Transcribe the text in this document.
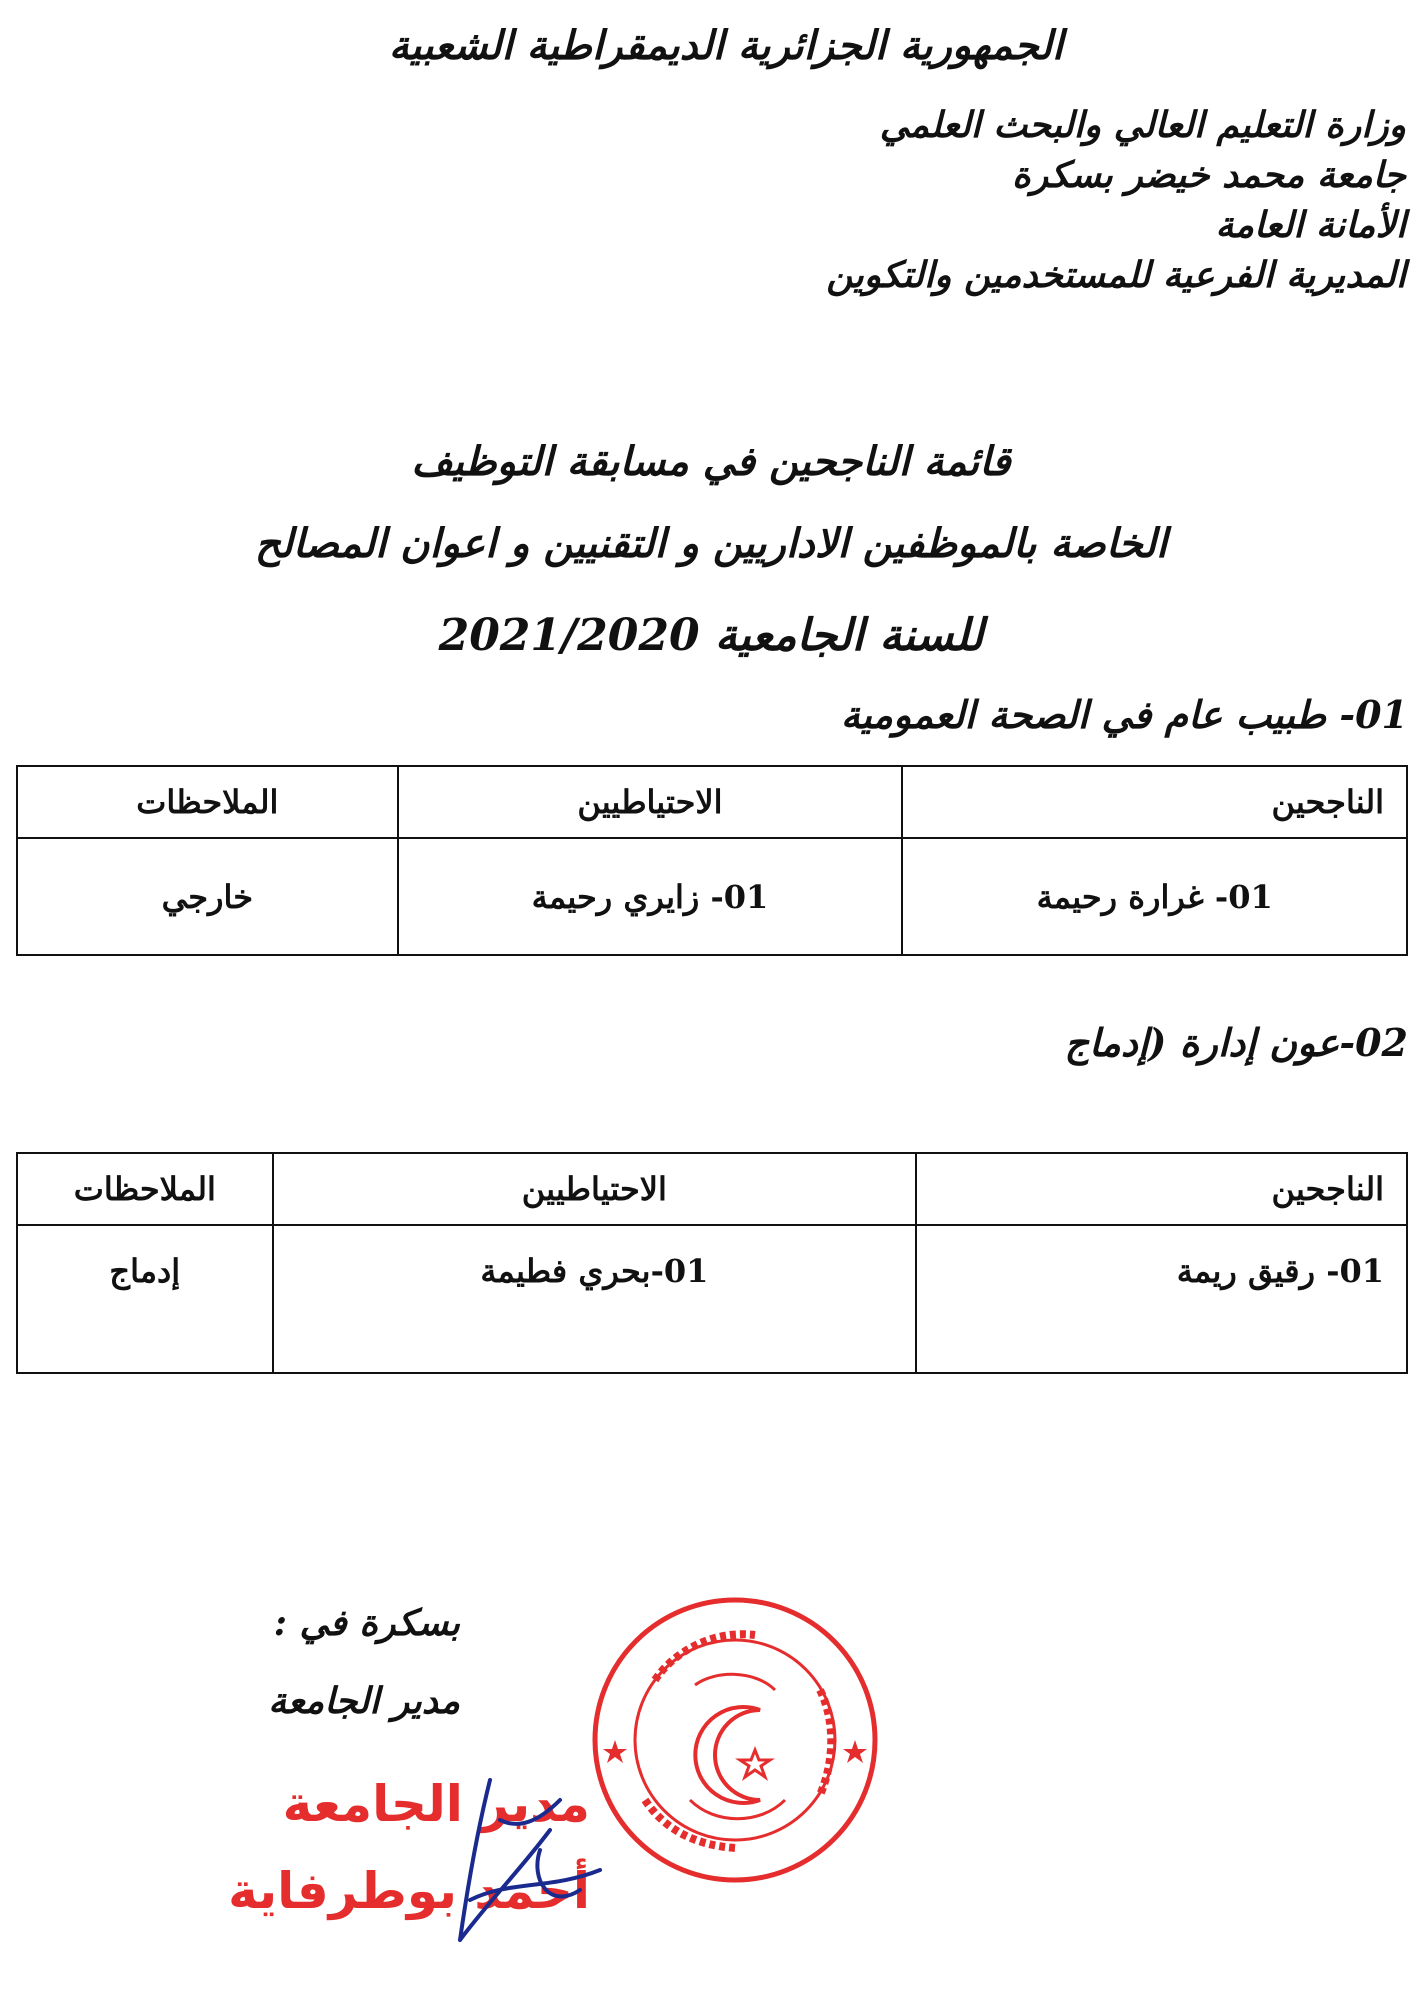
الجمهورية الجزائرية الديمقراطية الشعبية
وزارة التعليم العالي والبحث العلمي
جامعة محمد خيضر بسكرة
الأمانة العامة
المديرية الفرعية للمستخدمين والتكوين
قائمة الناجحين في مسابقة التوظيف
الخاصة بالموظفين الاداريين و التقنيين و اعوان المصالح
للسنة الجامعية 2021/2020
01- طبيب عام في الصحة العمومية
الناجحين	الاحتياطيين	الملاحظات
01- غرارة رحيمة	01- زايري رحيمة	خارجي
02-عون إدارة (إدماج
الناجحين	الاحتياطيين	الملاحظات
01- رقيق ريمة	01-بحري فطيمة	إدماج
بسكرة في :
مدير الجامعة
مدير الجامعة
أحمد بوطرفاية
